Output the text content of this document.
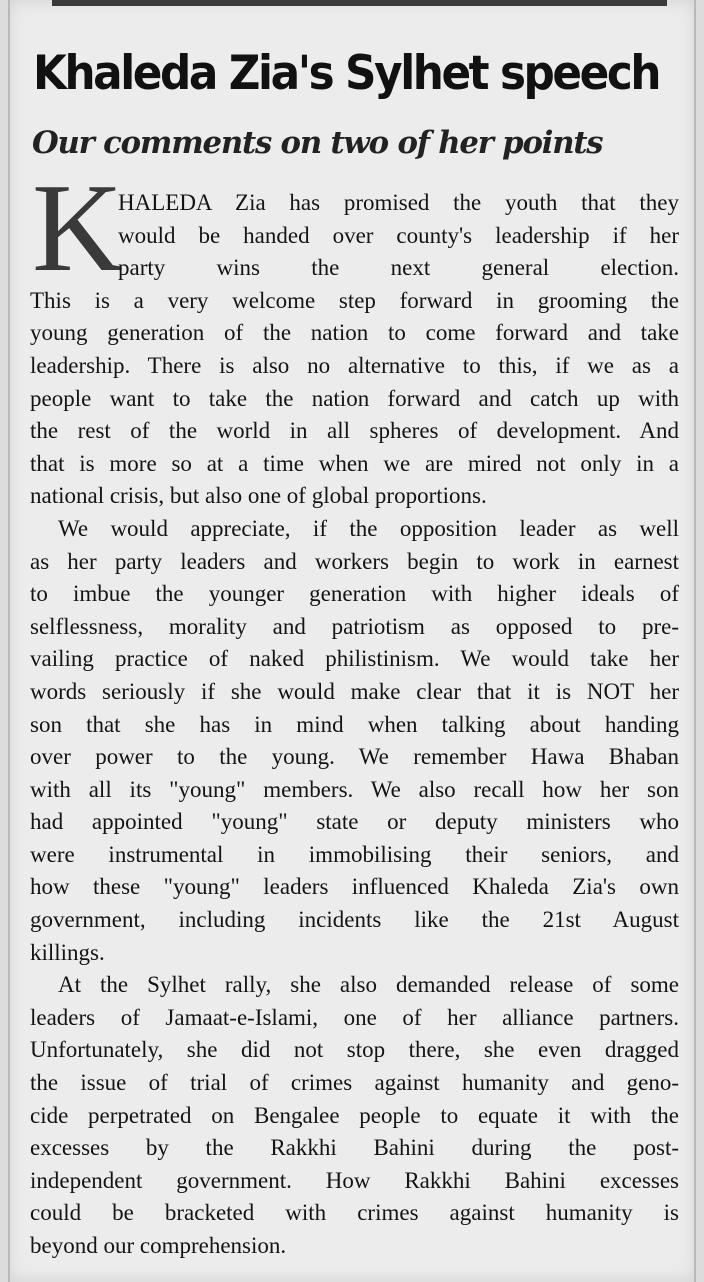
Khaleda Zia's Sylhet speech
Our comments on two of her points
K
HALEDA Zia has promised the youth that they
would be handed over county's leadership if her
party wins the next general election.
This is a very welcome step forward in grooming the
young generation of the nation to come forward and take
leadership. There is also no alternative to this, if we as a
people want to take the nation forward and catch up with
the rest of the world in all spheres of development. And
that is more so at a time when we are mired not only in a
national crisis, but also one of global proportions.
We would appreciate, if the opposition leader as well
as her party leaders and workers begin to work in earnest
to imbue the younger generation with higher ideals of
selflessness, morality and patriotism as opposed to pre-
vailing practice of naked philistinism. We would take her
words seriously if she would make clear that it is NOT her
son that she has in mind when talking about handing
over power to the young. We remember Hawa Bhaban
with all its "young" members. We also recall how her son
had appointed "young" state or deputy ministers who
were instrumental in immobilising their seniors, and
how these "young" leaders influenced Khaleda Zia's own
government, including incidents like the 21st August
killings.
At the Sylhet rally, she also demanded release of some
leaders of Jamaat-e-Islami, one of her alliance partners.
Unfortunately, she did not stop there, she even dragged
the issue of trial of crimes against humanity and geno-
cide perpetrated on Bengalee people to equate it with the
excesses by the Rakkhi Bahini during the post-
independent government. How Rakkhi Bahini excesses
could be bracketed with crimes against humanity is
beyond our comprehension.
